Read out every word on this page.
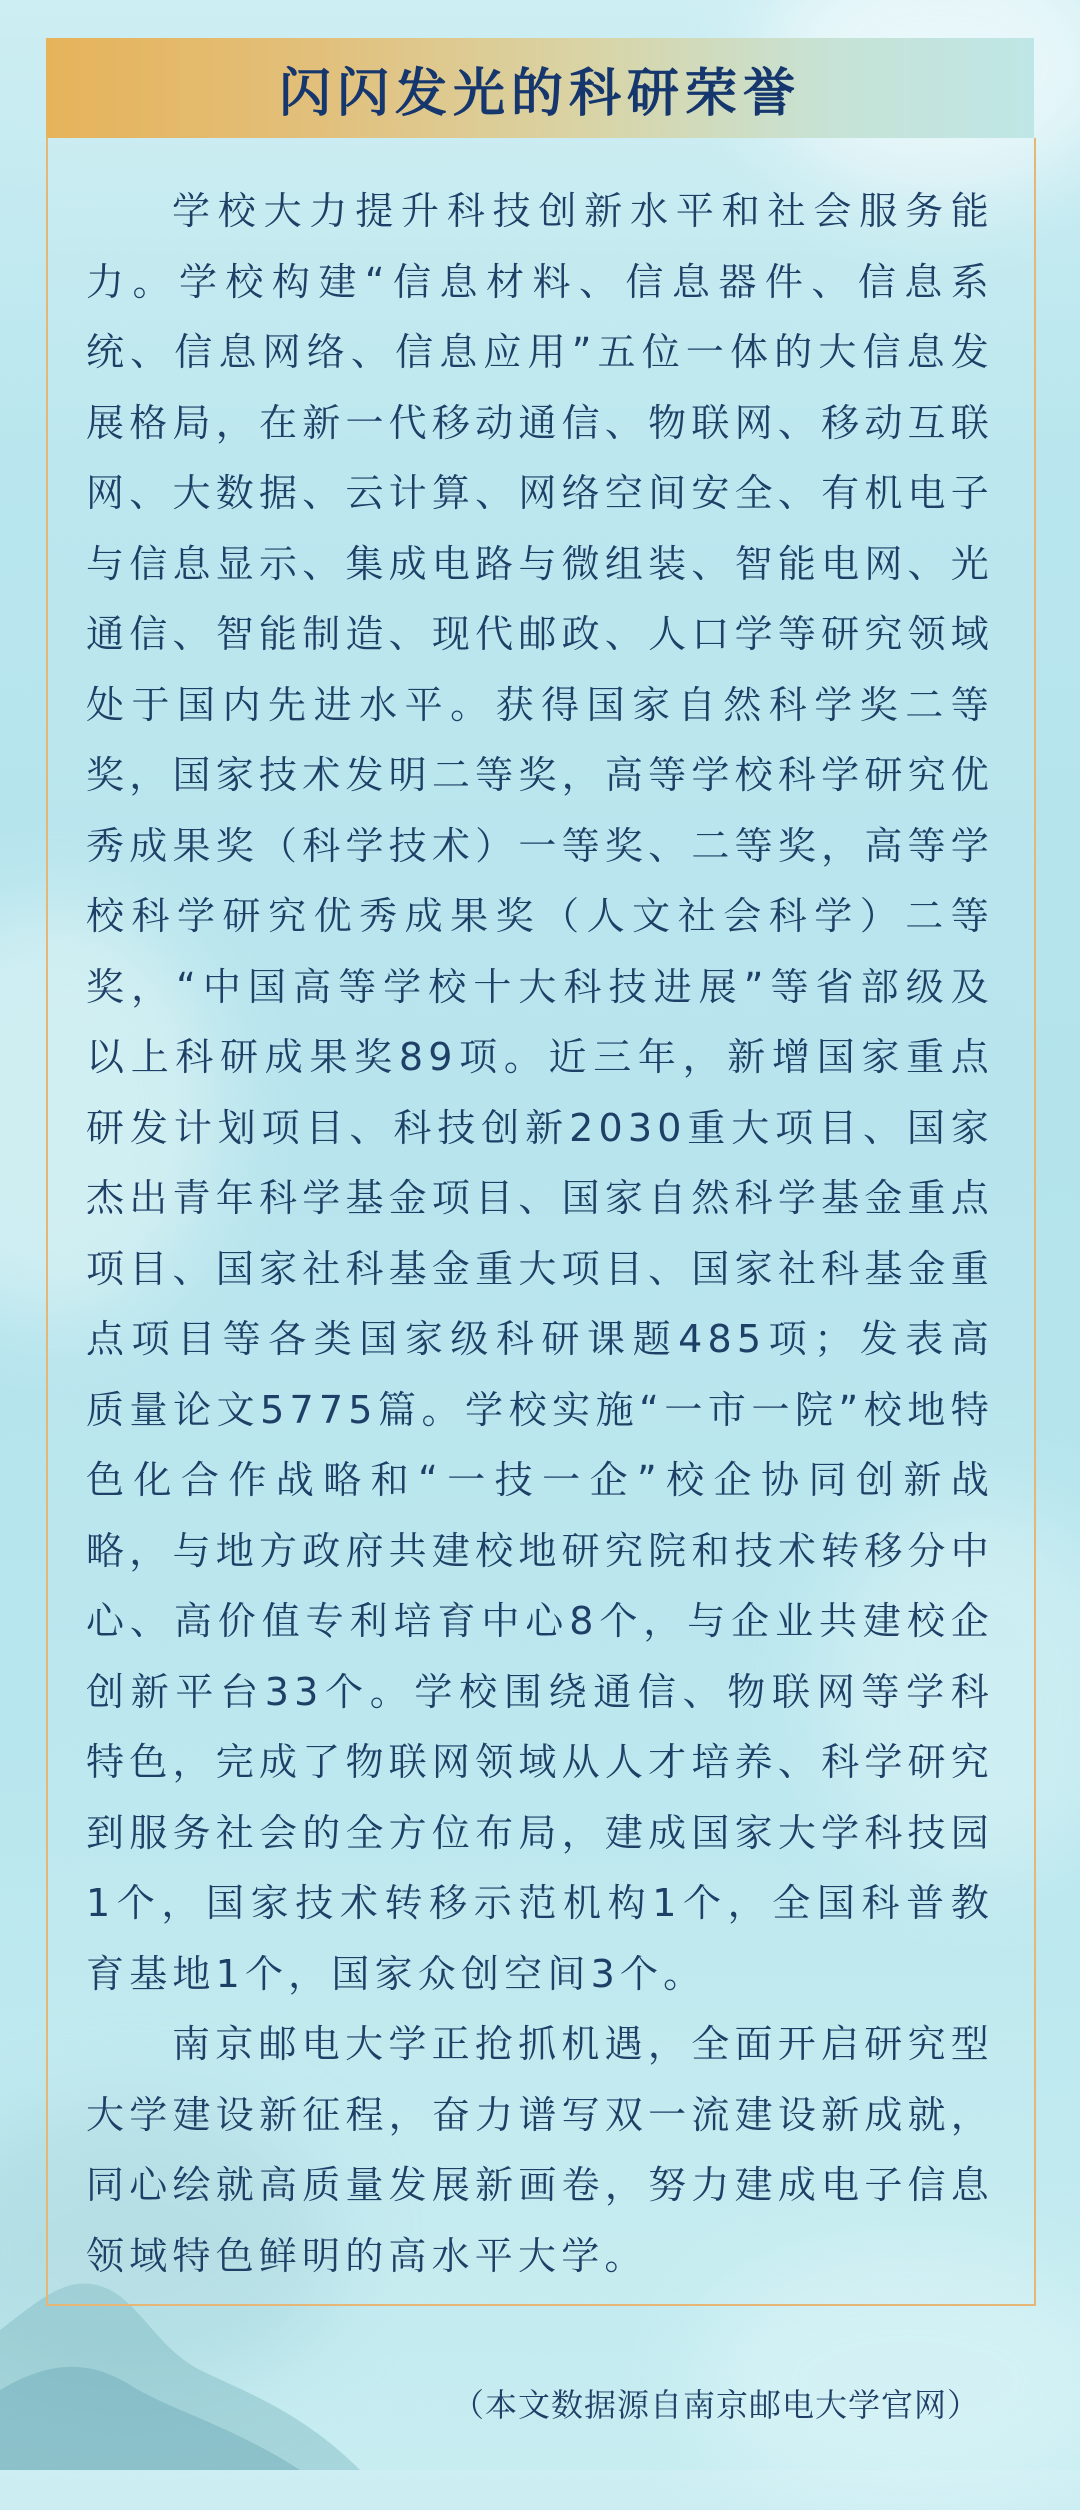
闪闪发光的科研荣誉

学校大力提升科技创新水平和社会服务能力。学校构建“信息材料、信息器件、信息系统、信息网络、信息应用”五位一体的大信息发展格局，在新一代移动通信、物联网、移动互联网、大数据、云计算、网络空间安全、有机电子与信息显示、集成电路与微组装、智能电网、光通信、智能制造、现代邮政、人口学等研究领域处于国内先进水平。获得国家自然科学奖二等奖，国家技术发明二等奖，高等学校科学研究优秀成果奖（科学技术）一等奖、二等奖，高等学校科学研究优秀成果奖（人文社会科学）二等奖，“中国高等学校十大科技进展”等省部级及以上科研成果奖89项。近三年，新增国家重点研发计划项目、科技创新2030重大项目、国家杰出青年科学基金项目、国家自然科学基金重点项目、国家社科基金重大项目、国家社科基金重点项目等各类国家级科研课题485项；发表高质量论文5775篇。学校实施“一市一院”校地特色化合作战略和“一技一企”校企协同创新战略，与地方政府共建校地研究院和技术转移分中心、高价值专利培育中心8个，与企业共建校企创新平台33个。学校围绕通信、物联网等学科特色，完成了物联网领域从人才培养、科学研究到服务社会的全方位布局，建成国家大学科技园1个，国家技术转移示范机构1个，全国科普教育基地1个，国家众创空间3个。

南京邮电大学正抢抓机遇，全面开启研究型大学建设新征程，奋力谱写双一流建设新成就，同心绘就高质量发展新画卷，努力建成电子信息领域特色鲜明的高水平大学。

（本文数据源自南京邮电大学官网）
